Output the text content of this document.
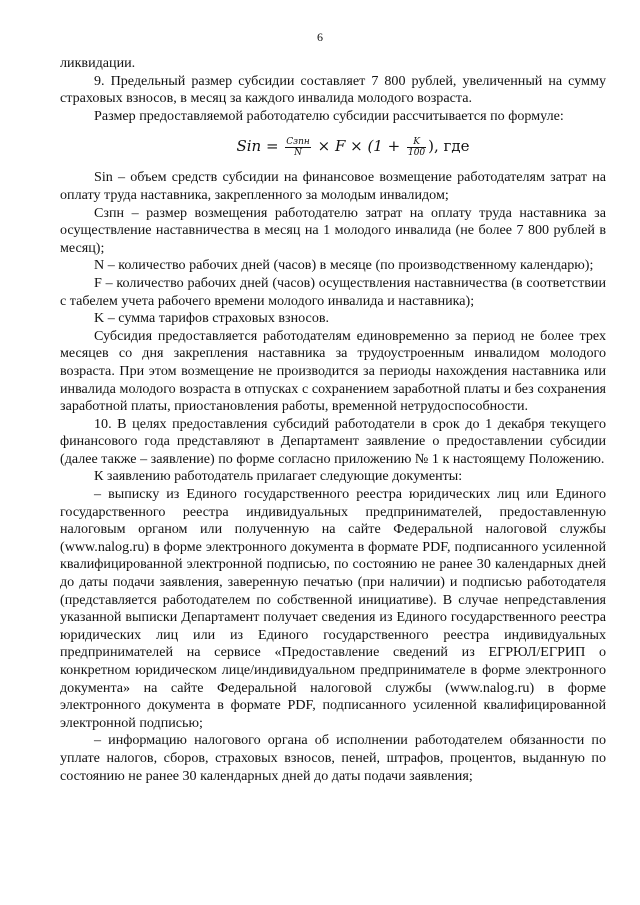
6

ликвидации.

9. Предельный размер субсидии составляет 7 800 рублей, увеличенный на сумму страховых взносов, в месяц за каждого инвалида молодого возраста.

Размер предоставляемой работодателю субсидии рассчитывается по формуле:

Sin = $\frac{\text{Сзпн}}{N} \times F \times (1 + \frac{K}{100}$ ), где

Sin – объем средств субсидии на финансовое возмещение работодателям затрат на оплату труда наставника, закрепленного за молодым инвалидом;

Сзпн – размер возмещения работодателю затрат на оплату труда наставника за осуществление наставничества в месяц на 1 молодого инвалида (не более 7 800 рублей в месяц);

N – количество рабочих дней (часов) в месяце (по производственному календарю);

F – количество рабочих дней (часов) осуществления наставничества (в соответствии с табелем учета рабочего времени молодого инвалида и наставника);

K – сумма тарифов страховых взносов.

Субсидия предоставляется работодателям единовременно за период не более трех месяцев со дня закрепления наставника за трудоустроенным инвалидом молодого возраста. При этом возмещение не производится за периоды нахождения наставника или инвалида молодого возраста в отпусках с сохранением заработной платы и без сохранения заработной платы, приостановления работы, временной нетрудоспособности.

10. В целях предоставления субсидий работодатели в срок до 1 декабря текущего финансового года представляют в Департамент заявление о предоставлении субсидии (далее также – заявление) по форме согласно приложению № 1 к настоящему Положению.

К заявлению работодатель прилагает следующие документы:

– выписку из Единого государственного реестра юридических лиц или Единого государственного реестра индивидуальных предпринимателей, предоставленную налоговым органом или полученную на сайте Федеральной налоговой службы (www.nalog.ru) в форме электронного документа в формате PDF, подписанного усиленной квалифицированной электронной подписью, по состоянию не ранее 30 календарных дней до даты подачи заявления, заверенную печатью (при наличии) и подписью работодателя (представляется работодателем по собственной инициативе). В случае непредставления указанной выписки Департамент получает сведения из Единого государственного реестра юридических лиц или из Единого государственного реестра индивидуальных предпринимателей на сервисе «Предоставление сведений из ЕГРЮЛ/ЕГРИП о конкретном юридическом лице/индивидуальном предпринимателе в форме электронного документа» на сайте Федеральной налоговой службы (www.nalog.ru) в форме электронного документа в формате PDF, подписанного усиленной квалифицированной электронной подписью;

– информацию налогового органа об исполнении работодателем обязанности по уплате налогов, сборов, страховых взносов, пеней, штрафов, процентов, выданную по состоянию не ранее 30 календарных дней до даты подачи заявления;
